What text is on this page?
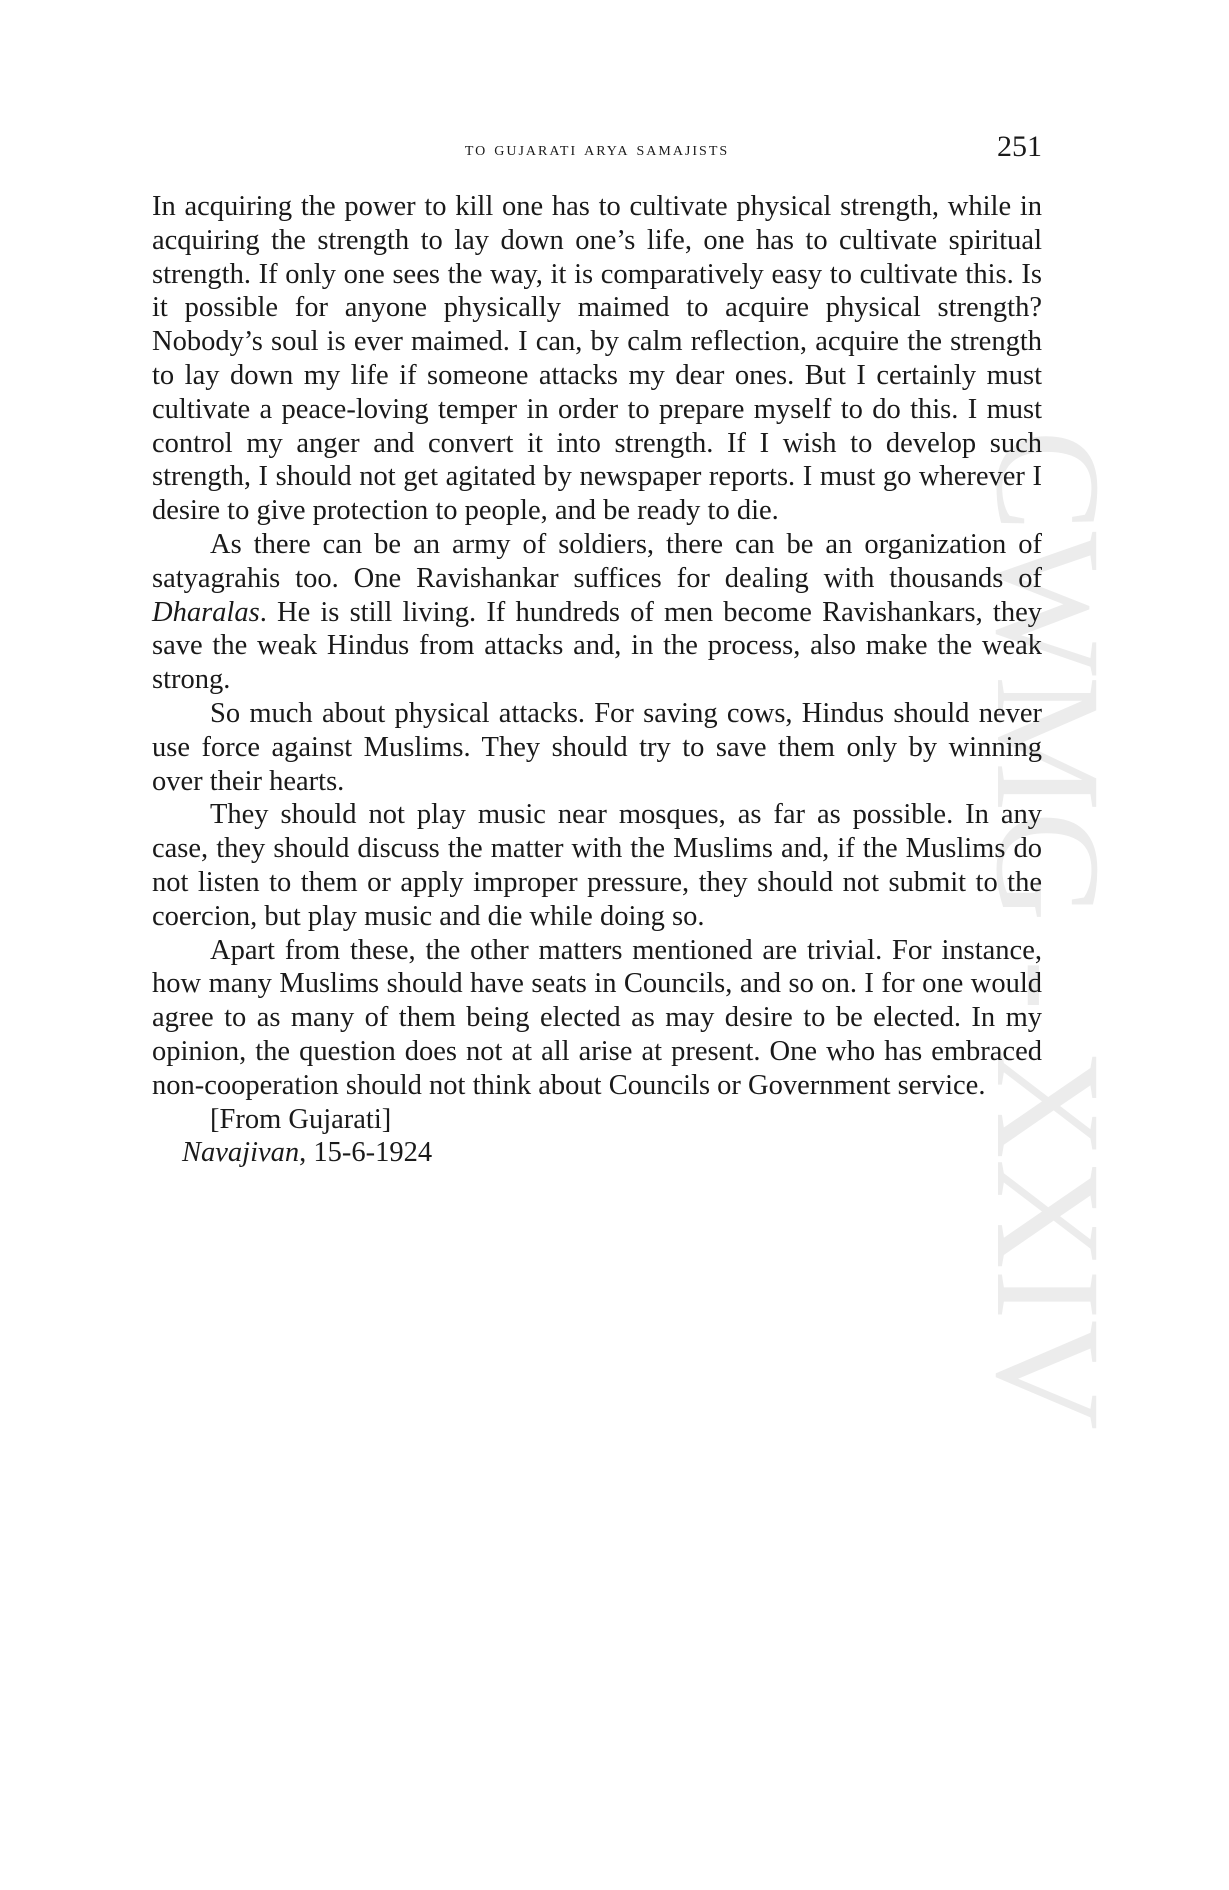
to gujarati arya samajists	251
CWMG - XXIV

In acquiring the power to kill one has to cultivate physical strength, while in acquiring the strength to lay down one’s life, one has to cultivate spiritual strength. If only one sees the way, it is comparatively easy to cultivate this. Is it possible for anyone physically maimed to acquire physical strength? Nobody’s soul is ever maimed. I can, by calm reflection, acquire the strength to lay down my life if someone attacks my dear ones. But I certainly must cultivate a peace-loving temper in order to prepare myself to do this. I must control my anger and convert it into strength. If I wish to develop such strength, I should not get agitated by newspaper reports. I must go wherever I desire to give protection to people, and be ready to die.

As there can be an army of soldiers, there can be an organization of satyagrahis too. One Ravishankar suffices for dealing with thousands of Dharalas. He is still living. If hundreds of men become Ravishankars, they save the weak Hindus from attacks and, in the process, also make the weak strong.

So much about physical attacks. For saving cows, Hindus should never use force against Muslims. They should try to save them only by winning over their hearts.

They should not play music near mosques, as far as possible. In any case, they should discuss the matter with the Muslims and, if the Muslims do not listen to them or apply improper pressure, they should not submit to the coercion, but play music and die while doing so.

Apart from these, the other matters mentioned are trivial. For instance, how many Muslims should have seats in Councils, and so on. I for one would agree to as many of them being elected as may desire to be elected. In my opinion, the question does not at all arise at present. One who has embraced non-cooperation should not think about Councils or Government service.

[From Gujarati]
Navajivan, 15-6-1924
